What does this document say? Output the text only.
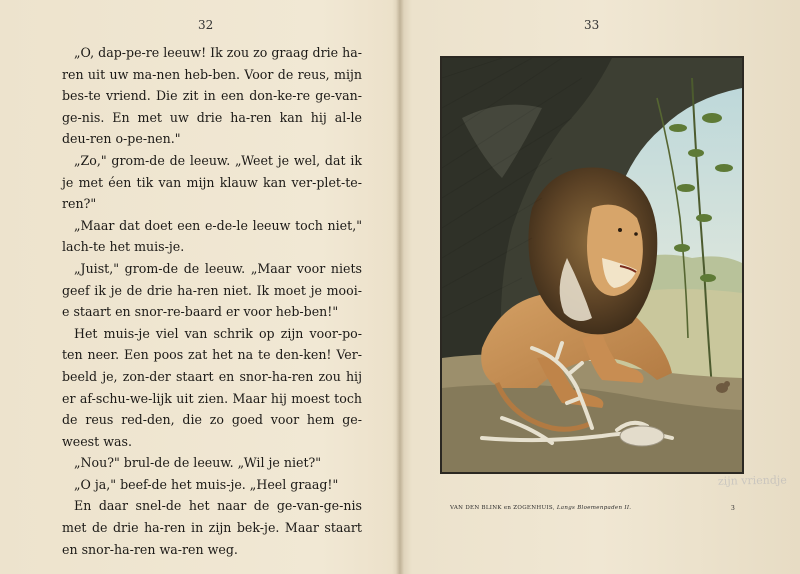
32

„O, dap-pe-re leeuw! Ik zou zo graag drie ha-ren uit uw ma-nen heb-ben. Voor de reus, mijn bes-te vriend. Die zit in een don-ke-re ge-van-ge-nis. En met uw drie ha-ren kan hij al-le deu-ren o-pe-nen."

„Zo," grom-de de leeuw. „Weet je wel, dat ik je met éen tik van mijn klauw kan ver-plet-te-ren?"

„Maar dat doet een e-de-le leeuw toch niet," lach-te het muis-je.

„Juist," grom-de de leeuw. „Maar voor niets geef ik je de drie ha-ren niet. Ik moet je mooi-e staart en snor-re-baard er voor heb-ben!"

Het muis-je viel van schrik op zijn voor-po-ten neer. Een poos zat het na te den-ken! Ver-beeld je, zon-der staart en snor-ha-ren zou hij er af-schu-we-lijk uit zien. Maar hij moest toch de reus red-den, die zo goed voor hem ge-weest was.

„Nou?" brul-de de leeuw. „Wil je niet?"

„O ja," beef-de het muis-je. „Heel graag!"

En daar snel-de het naar de ge-van-ge-nis met de drie ha-ren in zijn bek-je. Maar staart en snor-ha-ren wa-ren weg.

33
VAN DEN BLINK en ZOGENHUIS, Langs Bloemenpaden II.	3
zijn vriendje
